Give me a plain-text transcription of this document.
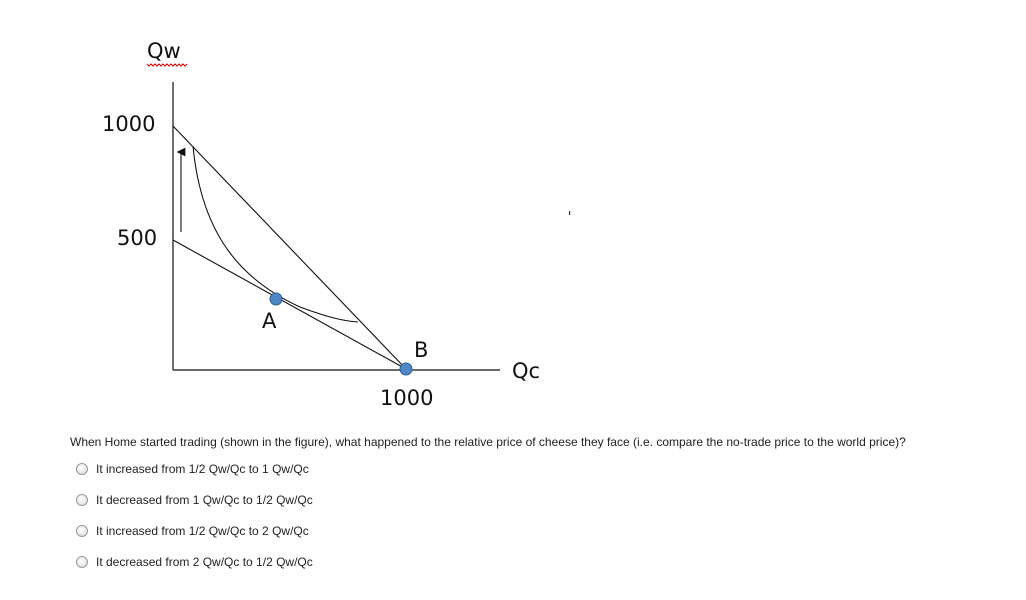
Qw
Qc
1000
500
1000
A
B
When Home started trading (shown in the figure), what happened to the relative price of cheese they face (i.e. compare the no-trade price to the world price)?
It increased from 1/2 Qw/Qc to 1 Qw/Qc
It decreased from 1 Qw/Qc to 1/2 Qw/Qc
It increased from 1/2 Qw/Qc to 2 Qw/Qc
It decreased from 2 Qw/Qc to 1/2 Qw/Qc
